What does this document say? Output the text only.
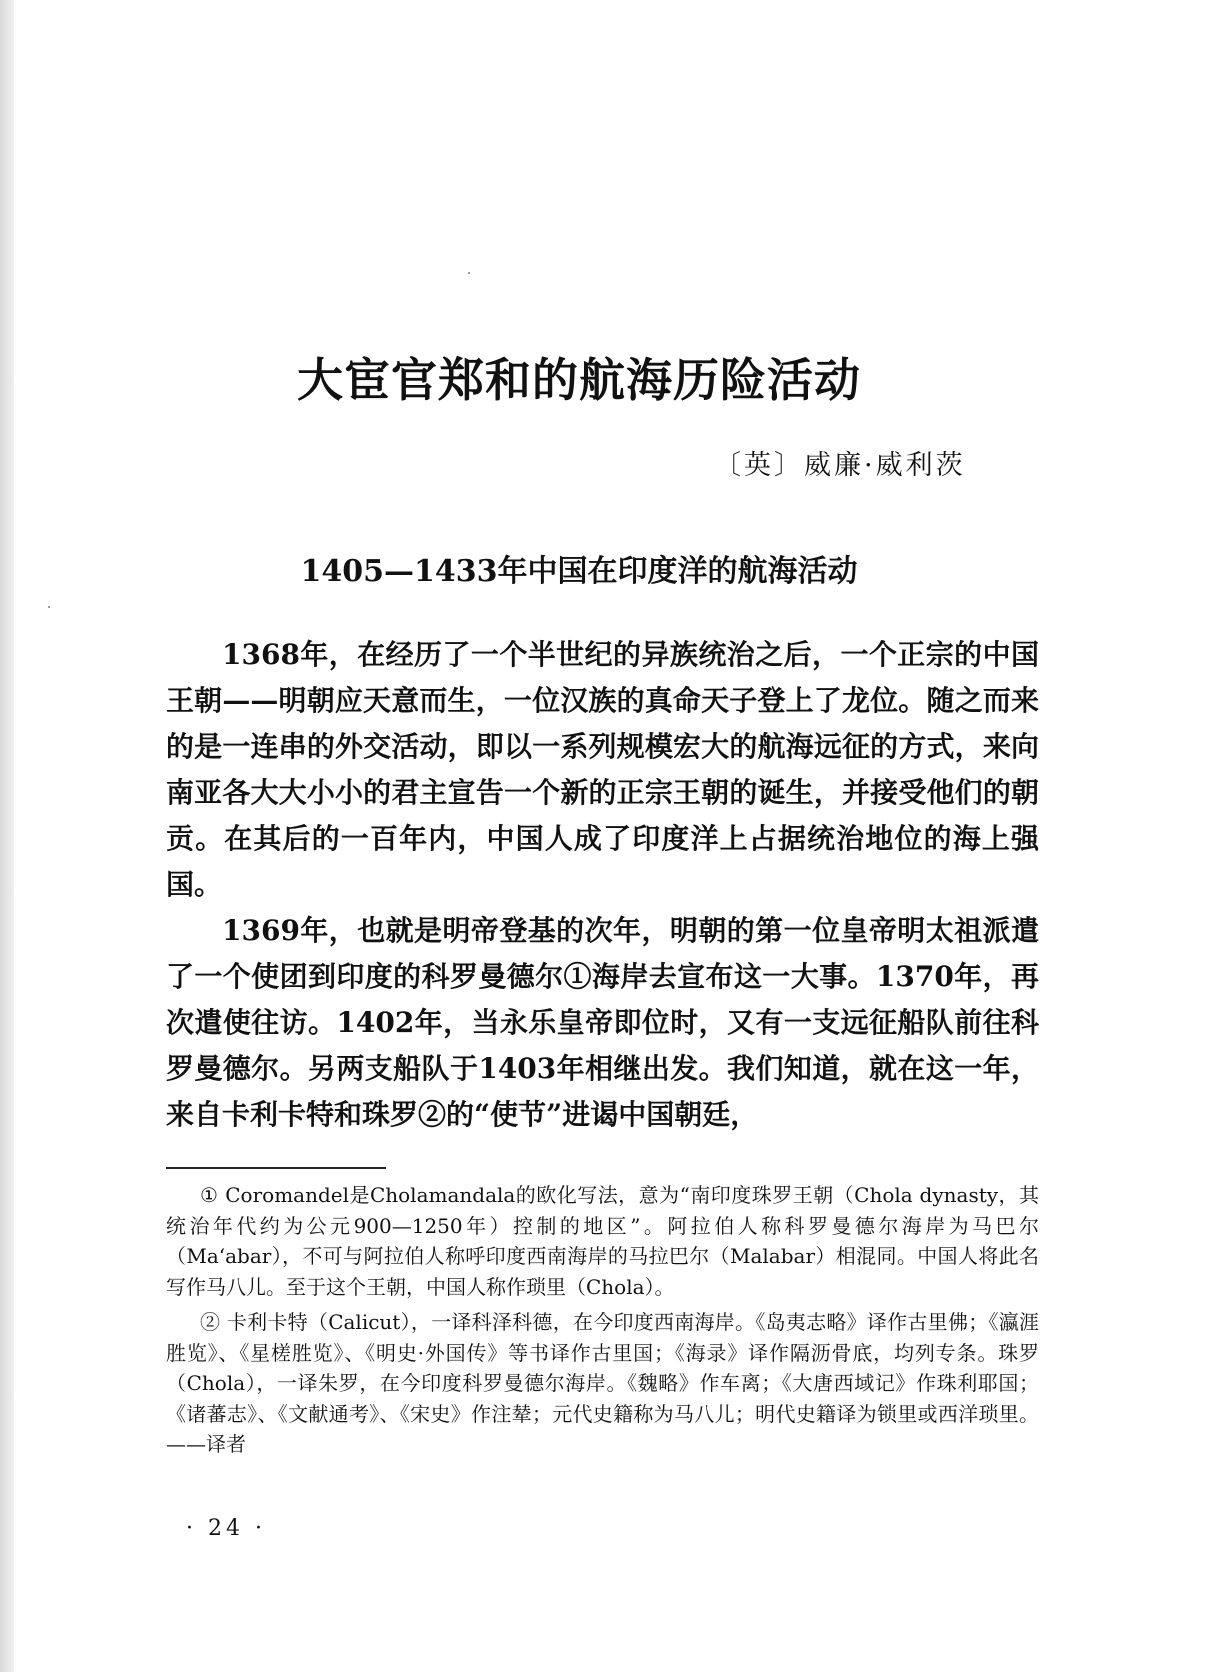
大宦官郑和的航海历险活动
〔英〕威廉·威利茨
1405—1433年中国在印度洋的航海活动

1368年，在经历了一个半世纪的异族统治之后，一个正宗的中国王朝——明朝应天意而生，一位汉族的真命天子登上了龙位。随之而来的是一连串的外交活动，即以一系列规模宏大的航海远征的方式，来向南亚各大大小小的君主宣告一个新的正宗王朝的诞生，并接受他们的朝贡。在其后的一百年内，中国人成了印度洋上占据统治地位的海上强国。

1369年，也就是明帝登基的次年，明朝的第一位皇帝明太祖派遣了一个使团到印度的科罗曼德尔①海岸去宣布这一大事。1370年，再次遣使往访。1402年，当永乐皇帝即位时，又有一支远征船队前往科罗曼德尔。另两支船队于1403年相继出发。我们知道，就在这一年，来自卡利卡特和珠罗②的“使节”进谒中国朝廷，

① Coromandel是Cholamandala的欧化写法，意为“南印度珠罗王朝（Chola dynasty，其统治年代约为公元900—1250年）控制的地区”。阿拉伯人称科罗曼德尔海岸为马巴尔（Ma‘abar），不可与阿拉伯人称呼印度西南海岸的马拉巴尔（Malabar）相混同。中国人将此名写作马八儿。至于这个王朝，中国人称作琐里（Chola）。

② 卡利卡特（Calicut），一译科泽科德，在今印度西南海岸。《岛夷志略》译作古里佛；《瀛涯胜览》、《星槎胜览》、《明史·外国传》等书译作古里国；《海录》译作隔沥骨底，均列专条。珠罗（Chola），一译朱罗，在今印度科罗曼德尔海岸。《魏略》作车离；《大唐西域记》作珠利耶国；《诸蕃志》、《文献通考》、《宋史》作注辇；元代史籍称为马八儿；明代史籍译为锁里或西洋琐里。——译者

· 24 ·
